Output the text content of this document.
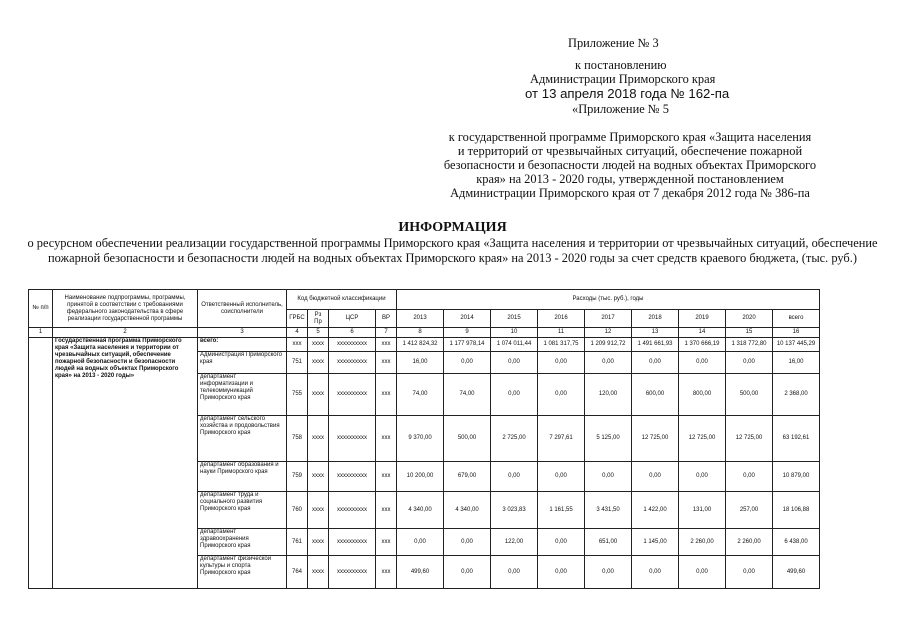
Приложение № 3
к постановлению
Администрации Приморского края
от 13 апреля 2018 года № 162-па
«Приложение № 5
к государственной программе Приморского края «Защита населения
и территорий от чрезвычайных ситуаций, обеспечение пожарной
безопасности и безопасности людей на водных объектах Приморского
края» на 2013 - 2020 годы, утвержденной постановлением
Администрации Приморского края от 7 декабря 2012 года № 386-па
ИНФОРМАЦИЯ
о ресурсном обеспечении реализации государственной программы Приморского края «Защита населения и территории от чрезвычайных ситуаций, обеспечение пожарной безопасности и безопасности людей на водных объектах Приморского края» на 2013 - 2020 годы за счет средств краевого бюджета, (тыс. руб.)
№ п/п	Наименование подпрограммы, программы, принятой в соответствии с требованиями федерального законодательства в сфере реализации государственной программы	Ответственный исполнитель, соисполнители	Код бюджетной классификации				Расходы (тыс. руб.), годы								
			ГРБС	Рз Пр	ЦСР	ВР	2013	2014	2015	2016	2017	2018	2019	2020	всего
1	2	3	4	5	6	7	8	9	10	11	12	13	14	15	16
	Государственная программа Приморского края «Защита населения и территории от чрезвычайных ситуаций, обеспечение пожарной безопасности и безопасности людей на водных объектах Приморского края» на 2013 - 2020 годы»	всего:	xxx	xxxx	xxxxxxxxxx	xxx	1 412 824,32	1 177 978,14	1 074 011,44	1 081 317,75	1 209 912,72	1 491 661,93	1 370 666,19	1 318 772,80	10 137 445,29
		Администрация Приморского края	751	xxxx	xxxxxxxxxx	xxx	16,00	0,00	0,00	0,00	0,00	0,00	0,00	0,00	16,00
		департамент информатизации и телекоммуникаций Приморского края	755	xxxx	xxxxxxxxxx	xxx	74,00	74,00	0,00	0,00	120,00	600,00	800,00	500,00	2 368,00
		департамент сельского хозяйства и продовольствия Приморского края	758	xxxx	xxxxxxxxxx	xxx	9 370,00	500,00	2 725,00	7 297,61	5 125,00	12 725,00	12 725,00	12 725,00	63 192,61
		департамент образования и науки Приморского края	759	xxxx	xxxxxxxxxx	xxx	10 200,00	679,00	0,00	0,00	0,00	0,00	0,00	0,00	10 879,00
		департамент труда и социального развития Приморского края	760	xxxx	xxxxxxxxxx	xxx	4 340,00	4 340,00	3 023,83	1 161,55	3 431,50	1 422,00	131,00	257,00	18 106,88
		департамент здравоохранения Приморского края	761	xxxx	xxxxxxxxxx	xxx	0,00	0,00	122,00	0,00	651,00	1 145,00	2 260,00	2 260,00	6 438,00
		департамент физической культуры и спорта Приморского края	764	xxxx	xxxxxxxxxx	xxx	499,60	0,00	0,00	0,00	0,00	0,00	0,00	0,00	499,60
